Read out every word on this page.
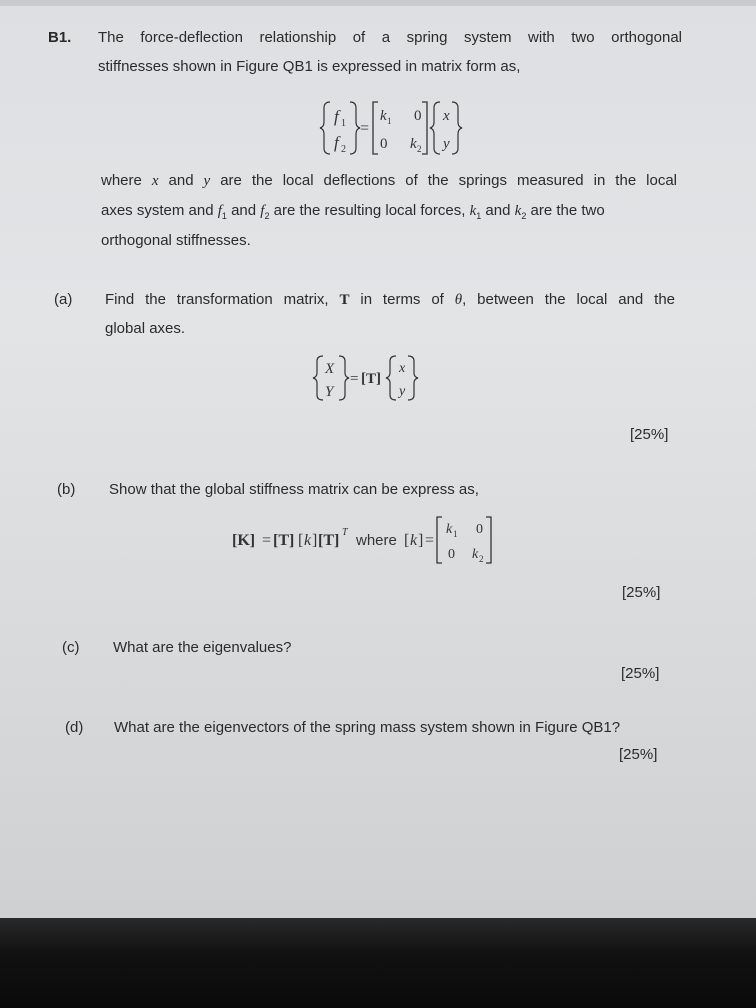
B1. The force-deflection relationship of a spring system with two orthogonal
stiffnesses shown in Figure QB1 is expressed in matrix form as,
f 1
f 2
=
k 1 0
0 k 2
x
y
where x and y are the local deflections of the springs measured in the local
axes system and $f_1$ and $f_2$ are the resulting local forces, $k_1$ and $k_2$ are the two
orthogonal stiffnesses.
(a) Find the transformation matrix, T in terms of θ, between the local and the
global axes.
X
Y
= [T]
x
y
[25%]
(b) Show that the global stiffness matrix can be express as,
[K] = [T] [ k ] [T] T where [ k ] =
k 1 0
0 k 2
[25%]
(c) What are the eigenvalues?
[25%]
(d) What are the eigenvectors of the spring mass system shown in Figure QB1?
[25%]
